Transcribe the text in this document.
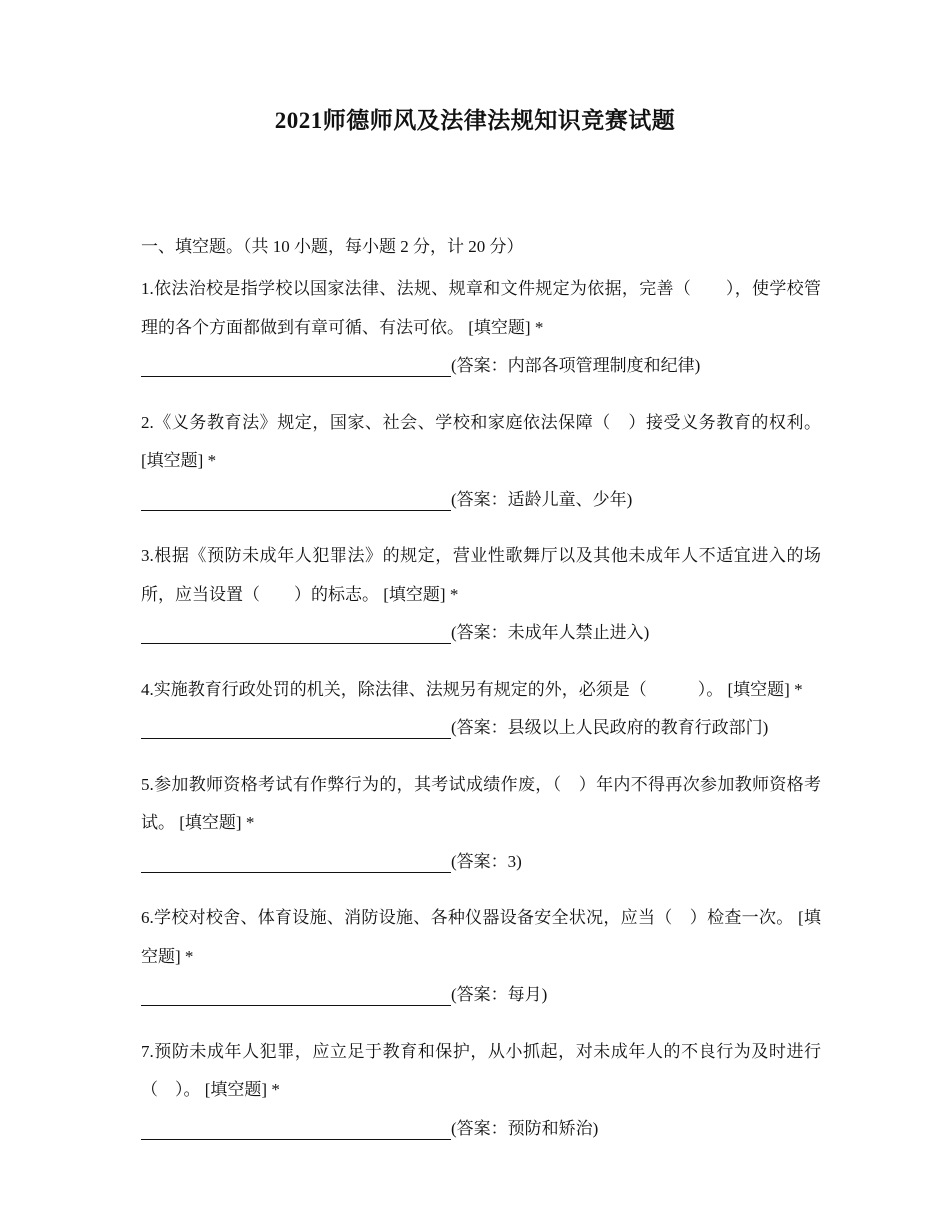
2021师德师风及法律法规知识竞赛试题
一、填空题。（共 10 小题，每小题 2 分，计 20 分）
1.依法治校是指学校以国家法律、法规、规章和文件规定为依据，完善（　　），使学校管理的各个方面都做到有章可循、有法可依。 [填空题] *
(答案：内部各项管理制度和纪律)
2.《义务教育法》规定，国家、社会、学校和家庭依法保障（　）接受义务教育的权利。 [填空题] *
(答案：适龄儿童、少年)
3.根据《预防未成年人犯罪法》的规定，营业性歌舞厅以及其他未成年人不适宜进入的场所，应当设置（　　）的标志。 [填空题] *
(答案：未成年人禁止进入)
4.实施教育行政处罚的机关，除法律、法规另有规定的外，必须是（　　　）。 [填空题] *
(答案：县级以上人民政府的教育行政部门)
5.参加教师资格考试有作弊行为的，其考试成绩作废，（　）年内不得再次参加教师资格考试。 [填空题] *
(答案：3)
6.学校对校舍、体育设施、消防设施、各种仪器设备安全状况，应当（　）检查一次。 [填空题] *
(答案：每月)
7.预防未成年人犯罪，应立足于教育和保护，从小抓起，对未成年人的不良行为及时进行（　）。 [填空题] *
(答案：预防和矫治)
